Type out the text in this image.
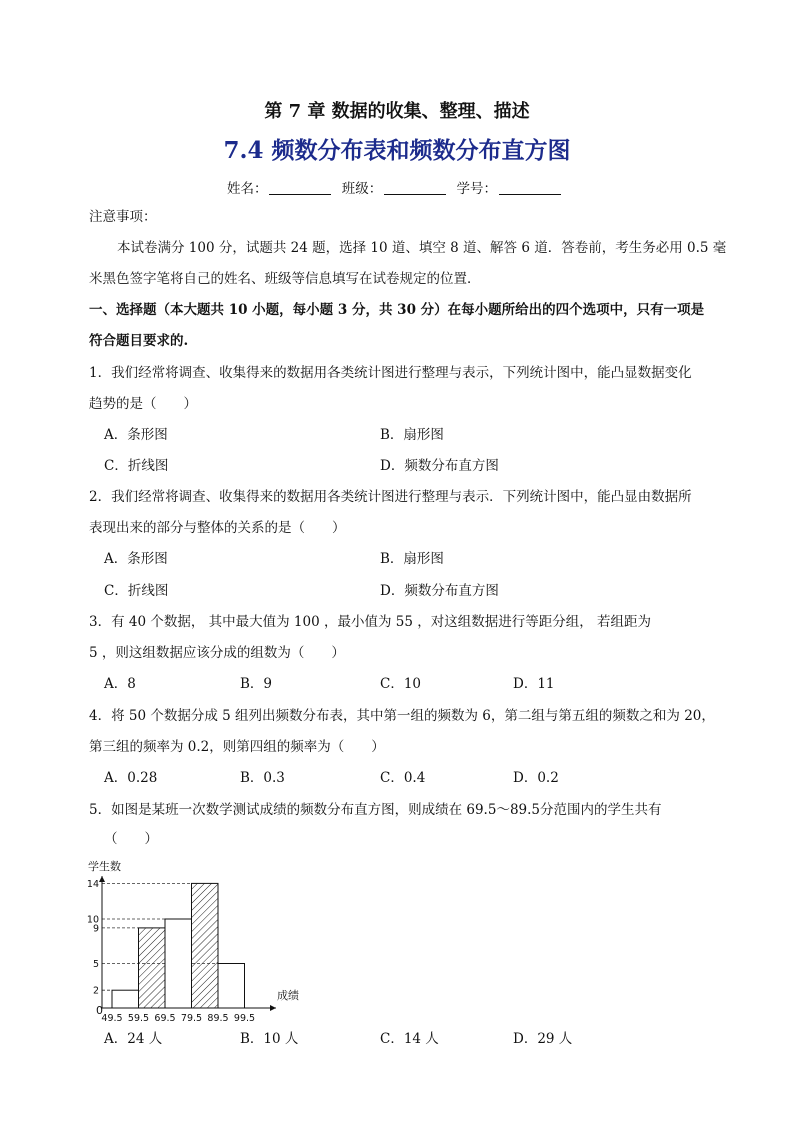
第 7 章 数据的收集、整理、描述
7.4 频数分布表和频数分布直方图
姓名：	班级：	学号：
注意事项：
本试卷满分 100 分，试题共 24 题，选择 10 道、填空 8 道、解答 6 道．答卷前，考生务必用 0.5 毫
米黑色签字笔将自己的姓名、班级等信息填写在试卷规定的位置．
一、选择题（本大题共 10 小题，每小题 3 分，共 30 分）在每小题所给出的四个选项中，只有一项是
符合题目要求的.
1．我们经常将调查、收集得来的数据用各类统计图进行整理与表示，下列统计图中，能凸显数据变化
趋势的是（　　）
A．条形图	B．扇形图
C．折线图	D．频数分布直方图
2．我们经常将调查、收集得来的数据用各类统计图进行整理与表示．下列统计图中，能凸显由数据所
表现出来的部分与整体的关系的是（　　）
A．条形图	B．扇形图
C．折线图	D．频数分布直方图
3．有 40 个数据， 其中最大值为 100 ，最小值为 55 ，对这组数据进行等距分组， 若组距为
5 ，则这组数据应该分成的组数为（　　）
A．8	B．9	C．10	D．11
4．将 50 个数据分成 5 组列出频数分布表，其中第一组的频数为 6，第二组与第五组的频数之和为 20，
第三组的频率为 0.2，则第四组的频率为（　　）
A．0.28	B．0.3	C．0.4	D．0.2
5．如图是某班一次数学测试成绩的频数分布直方图，则成绩在 69.5～89.5分范围内的学生共有
（　　）
学生数
成绩
0
2
5
9
10
14
49.5 59.5 69.5 79.5 89.5 99.5
A．24 人	B．10 人	C．14 人	D．29 人
